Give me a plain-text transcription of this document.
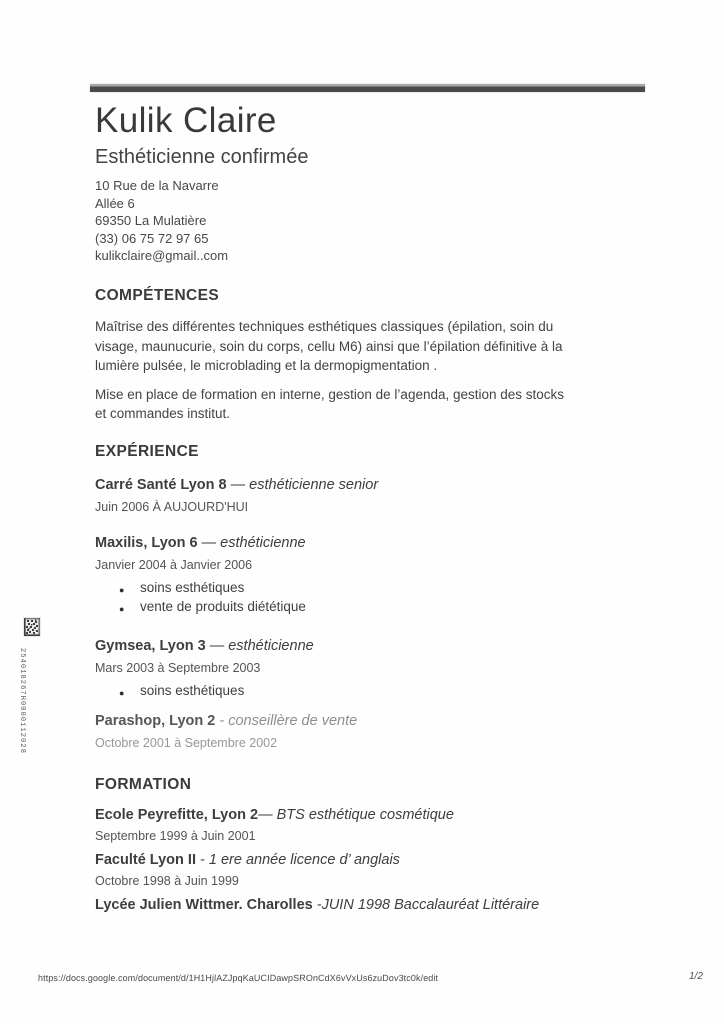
Kulik Claire
Esthéticienne confirmée
10 Rue de la Navarre
Allée 6
69350 La Mulatière
(33) 06 75 72 97 65
kulikclaire@gmail..com
COMPÉTENCES

Maîtrise des différentes techniques esthétiques classiques (épilation, soin du visage, maunucurie, soin du corps, cellu M6) ainsi que l’épilation définitive à la lumière pulsée, le microblading et la dermopigmentation .

Mise en place de formation en interne, gestion de l’agenda, gestion des stocks et commandes institut.

EXPÉRIENCE
Carré Santé Lyon 8 — esthéticienne senior
Juin 2006 À AUJOURD'HUI
Maxilis, Lyon 6 — esthéticienne
Janvier 2004 à Janvier 2006
● soins esthétiques
● vente de produits diététique
Gymsea, Lyon 3 — esthéticienne
Mars 2003 à Septembre 2003
● soins esthétiques
Parashop, Lyon 2 - conseillère de vente
Octobre 2001 à Septembre 2002
FORMATION
Ecole Peyrefitte, Lyon 2— BTS esthétique cosmétique
Septembre 1999 à Juin 2001
Faculté Lyon II - 1 ere année licence d’ anglais
Octobre 1998 à Juin 1999
Lycée Julien Wittmer. Charolles -JUIN 1998 Baccalauréat Littéraire
254018267H0000112028
https://docs.google.com/document/d/1H1HjlAZJpqKaUCIDawpSROnCdX6vVxUs6zuDov3tc0k/edit	1/2
